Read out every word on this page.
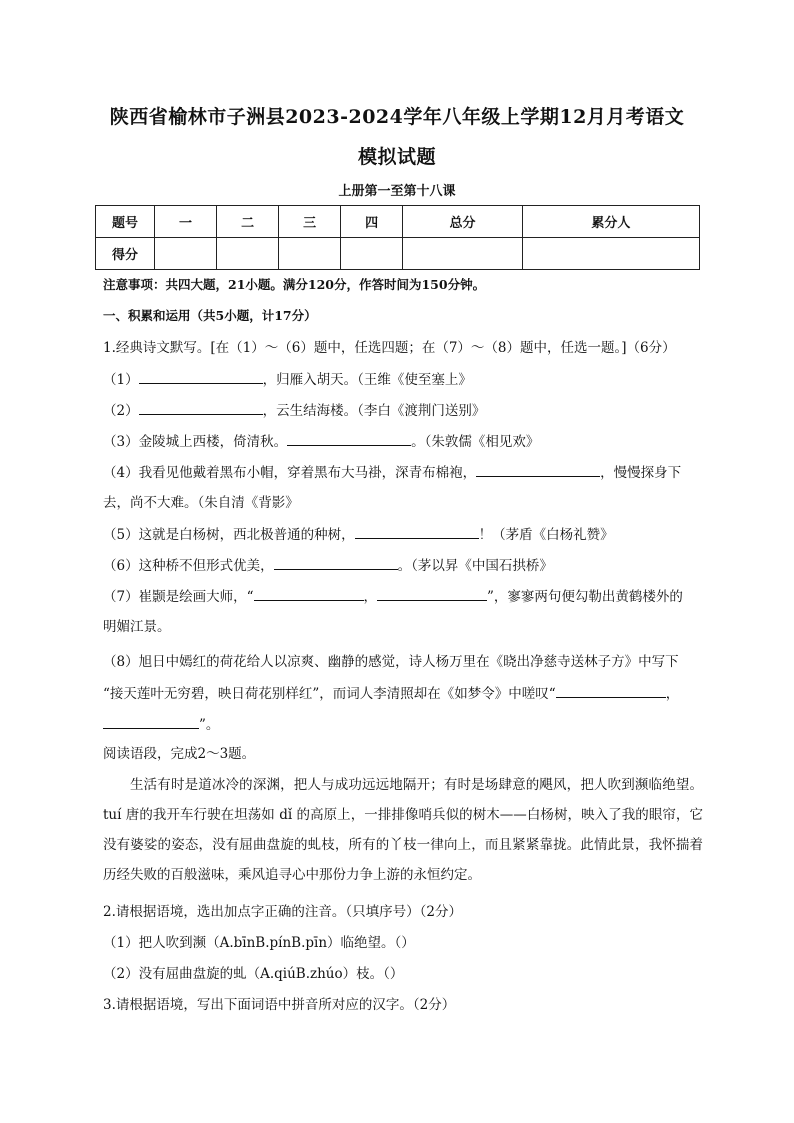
陕西省榆林市子洲县2023-2024学年八年级上学期12月月考语文
模拟试题
上册第一至第十八课
题号	一	二	三	四	总分	累分人
得分						
注意事项：共四大题，21小题。满分120分，作答时间为150分钟。
一、积累和运用（共5小题，计17分）
1.经典诗文默写。[在（1）～（6）题中，任选四题；在（7）～（8）题中，任选一题。]（6分）
（1）	，归雁入胡天。（王维《使至塞上》
（2）	，云生结海楼。（李白《渡荆门送别》
（3）金陵城上西楼，倚清秋。	。（朱敦儒《相见欢》
（4）我看见他戴着黑布小帽，穿着黑布大马褂，深青布棉袍，	，慢慢探身下
去，尚不大难。（朱自清《背影》
（5）这就是白杨树，西北极普通的种树，	！（茅盾《白杨礼赞》
（6）这种桥不但形式优美，	。（茅以昇《中国石拱桥》
（7）崔颢是绘画大师，“	，	”，寥寥两句便勾勒出黄鹤楼外的
明媚江景。
（8）旭日中嫣红的荷花给人以凉爽、幽静的感觉，诗人杨万里在《晓出净慈寺送林子方》中写下
“接天莲叶无穷碧，映日荷花别样红”，而词人李清照却在《如梦令》中嗟叹“	，
”。
阅读语段，完成2～3题。
生活有时是道冰冷的深渊，把人与成功远远地隔开；有时是场肆意的飓风，把人吹到濒临绝望。tuí 唐的我开车行驶在坦荡如 dǐ 的高原上，一排排像哨兵似的树木——白杨树，映入了我的眼帘，它没有婆娑的姿态，没有屈曲盘旋的虬枝，所有的丫枝一律向上，而且紧紧靠拢。此情此景，我怀揣着历经失败的百般滋味，乘风追寻心中那份力争上游的永恒约定。
2.请根据语境，选出加点字正确的注音。（只填序号）（2分）
（1）把人吹到濒（A.bīnB.pínB.pīn）临绝望。（）
（2）没有屈曲盘旋的虬（A.qiúB.zhúo）枝。（）
3.请根据语境，写出下面词语中拼音所对应的汉字。（2分）
